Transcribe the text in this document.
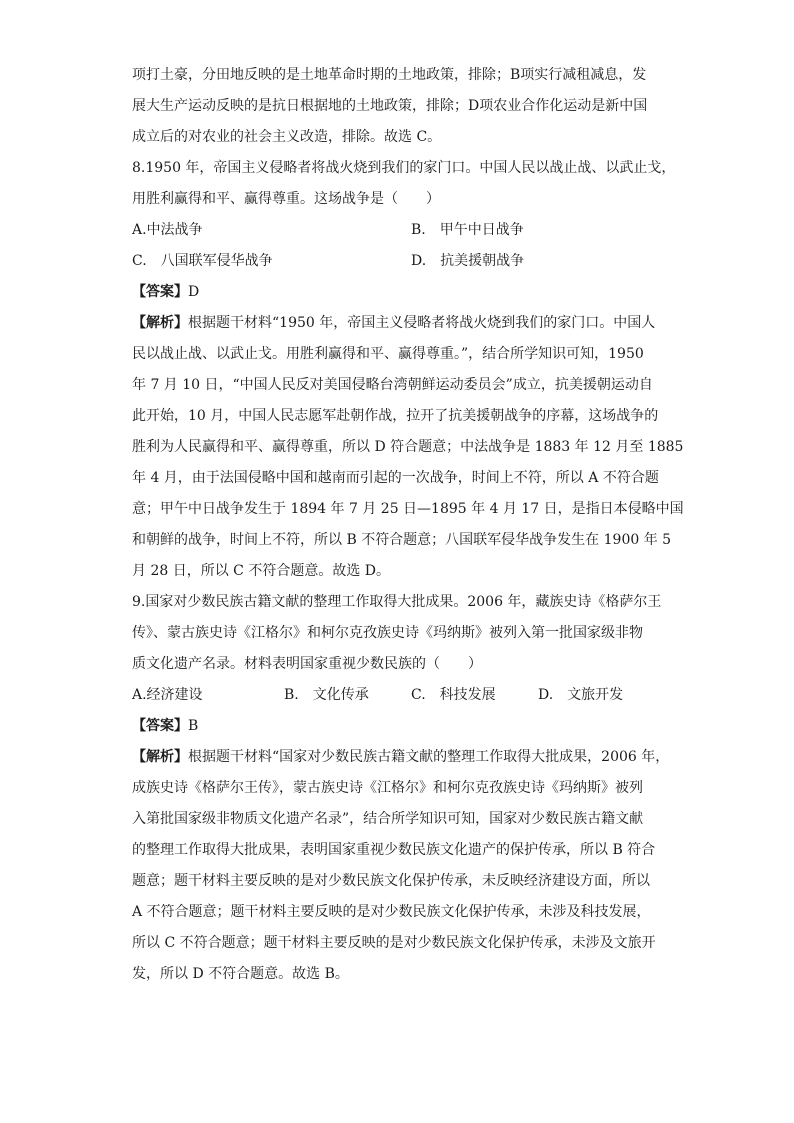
项打土豪，分田地反映的是土地革命时期的土地政策，排除；B项实行减租减息，发
展大生产运动反映的是抗日根据地的土地政策，排除；D项农业合作化运动是新中国
成立后的对农业的社会主义改造，排除。故选 C。
8.1950 年，帝国主义侵略者将战火烧到我们的家门口。中国人民以战止战、以武止戈，
用胜利赢得和平、赢得尊重。这场战争是（　　）
A.中法战争	B.　甲午中日战争
C.　八国联军侵华战争	D.　抗美援朝战争
【答案】D
【解析】根据题干材料“1950 年，帝国主义侵略者将战火烧到我们的家门口。中国人
民以战止战、以武止戈。用胜利赢得和平、赢得尊重。”，结合所学知识可知，1950
年 7 月 10 日，“中国人民反对美国侵略台湾朝鲜运动委员会”成立，抗美援朝运动自
此开始，10 月，中国人民志愿军赴朝作战，拉开了抗美援朝战争的序幕，这场战争的
胜利为人民赢得和平、赢得尊重，所以 D 符合题意；中法战争是 1883 年 12 月至 1885
年 4 月，由于法国侵略中国和越南而引起的一次战争，时间上不符，所以 A 不符合题
意；甲午中日战争发生于 1894 年 7 月 25 日—1895 年 4 月 17 日，是指日本侵略中国
和朝鲜的战争，时间上不符，所以 B 不符合题意；八国联军侵华战争发生在 1900 年 5
月 28 日，所以 C 不符合题意。故选 D。
9.国家对少数民族古籍文献的整理工作取得大批成果。2006 年，藏族史诗《格萨尔王
传》、蒙古族史诗《江格尔》和柯尔克孜族史诗《玛纳斯》被列入第一批国家级非物
质文化遗产名录。材料表明国家重视少数民族的（　　）
A.经济建设	B.　文化传承	C.　科技发展	D.　文旅开发
【答案】B
【解析】根据题干材料“国家对少数民族古籍文献的整理工作取得大批成果，2006 年，
成族史诗《格萨尔王传》，蒙古族史诗《江格尔》和柯尔克孜族史诗《玛纳斯》被列
入第批国家级非物质文化遗产名录”，结合所学知识可知，国家对少数民族古籍文献
的整理工作取得大批成果，表明国家重视少数民族文化遗产的保护传承，所以 B 符合
题意；题干材料主要反映的是对少数民族文化保护传承，未反映经济建设方面，所以
A 不符合题意；题干材料主要反映的是对少数民族文化保护传承，未涉及科技发展，
所以 C 不符合题意；题干材料主要反映的是对少数民族文化保护传承，未涉及文旅开
发，所以 D 不符合题意。故选 B。
